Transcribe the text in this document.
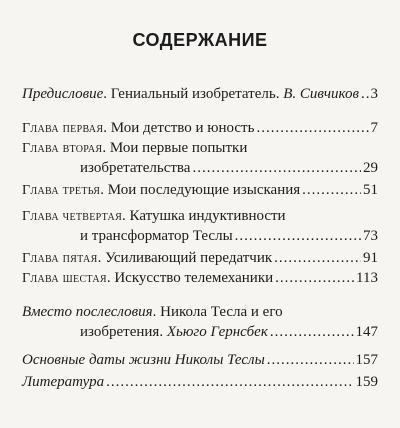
СОДЕРЖАНИЕ
Предисловие. Гениальный изобретатель. В. Сивчиков ..... 3
Глава первая. Мои детство и юность .....	7
Глава вторая. Мои первые попытки
изобретательства .....	29
Глава третья. Мои последующие изыскания .....	51
Глава четвертая. Катушка индуктивности
и трансформатор Теслы .....	73
Глава пятая. Усиливающий передатчик .....	91
Глава шестая. Искусство телемеханики .....	113
Вместо послесловия. Никола Тесла и его
изобретения. Хьюго Гернсбек .....	147
Основные даты жизни Николы Теслы .....	157
Литература .....	159
